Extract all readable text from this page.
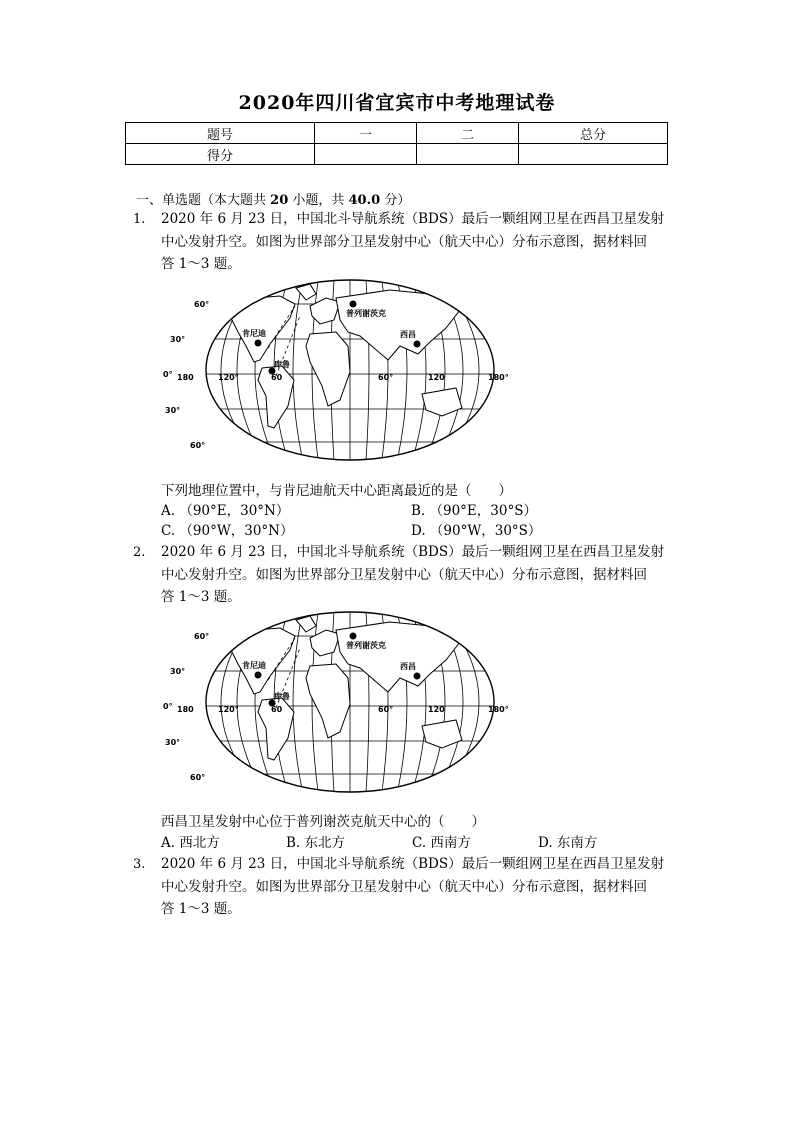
2020年四川省宜宾市中考地理试卷
题号	一	二	总分
得分			
一、单选题（本大题共 20 小题，共 40.0 分）
1. 2020 年 6 月 23 日，中国北斗导航系统（BDS）最后一颗组网卫星在西昌卫星发射
中心发射升空。如图为世界部分卫星发射中心（航天中心）分布示意图，据材料回
答 1～3 题。
60°
30°
0°
30°
60°
180	120°	60	60°	120	180°
肯尼迪
库鲁
普列谢茨克
西昌
下列地理位置中，与肯尼迪航天中心距离最近的是（　　）
A. （90°E，30°N）	B. （90°E，30°S）
C. （90°W，30°N）	D. （90°W，30°S）
2. 2020 年 6 月 23 日，中国北斗导航系统（BDS）最后一颗组网卫星在西昌卫星发射
中心发射升空。如图为世界部分卫星发射中心（航天中心）分布示意图，据材料回
答 1～3 题。
60°
30°
0°
30°
60°
180	120°	60	60°	120	180°
肯尼迪
库鲁
普列谢茨克
西昌
西昌卫星发射中心位于普列谢茨克航天中心的（　　）
A. 西北方	B. 东北方	C. 西南方	D. 东南方
3. 2020 年 6 月 23 日，中国北斗导航系统（BDS）最后一颗组网卫星在西昌卫星发射
中心发射升空。如图为世界部分卫星发射中心（航天中心）分布示意图，据材料回
答 1～3 题。
